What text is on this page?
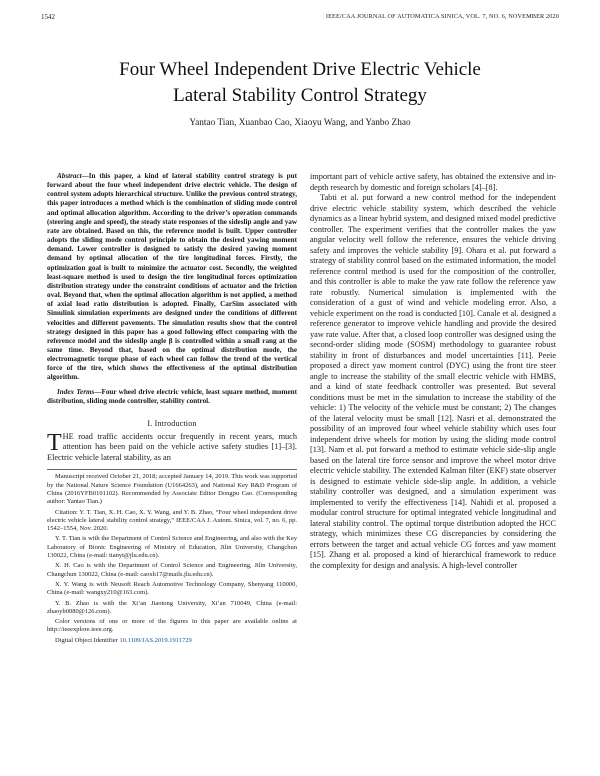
1542	IEEE/CAA JOURNAL OF AUTOMATICA SINICA, VOL. 7, NO. 6, NOVEMBER 2020
Four Wheel Independent Drive Electric Vehicle
Lateral Stability Control Strategy
Yantao Tian, Xuanbao Cao, Xiaoyu Wang, and Yanbo Zhao

Abstract—In this paper, a kind of lateral stability control strategy is put forward about the four wheel independent drive electric vehicle. The design of control system adopts hierarchical structure. Unlike the previous control strategy, this paper introduces a method which is the combination of sliding mode control and optimal allocation algorithm. According to the driver’s operation commands (steering angle and speed), the steady state responses of the sideslip angle and yaw rate are obtained. Based on this, the reference model is built. Upper controller adopts the sliding mode control principle to obtain the desired yawing moment demand. Lower controller is designed to satisfy the desired yawing moment demand by optimal allocation of the tire longitudinal forces. Firstly, the optimization goal is built to minimize the actuator cost. Secondly, the weighted least-square method is used to design the tire longitudinal forces optimization distribution strategy under the constraint conditions of actuator and the friction oval. Beyond that, when the optimal allocation algorithm is not applied, a method of axial load ratio distribution is adopted. Finally, CarSim associated with Simulink simulation experiments are designed under the conditions of different velocities and different pavements. The simulation results show that the control strategy designed in this paper has a good following effect comparing with the reference model and the sideslip angle β is controlled within a small rang at the same time. Beyond that, based on the optimal distribution mode, the electromagnetic torque phase of each wheel can follow the trend of the vertical force of the tire, which shows the effectiveness of the optimal distribution algorithm.

Index Terms—Four wheel drive electric vehicle, least square method, moment distribution, sliding mode controller, stability control.

I. Introduction

THE road traffic accidents occur frequently in recent years, much attention has been paid on the vehicle active safety studies [1]–[3]. Electric vehicle lateral stability, as an

Manuscript received October 21, 2018; accepted January 14, 2019. This work was supported by the National Nature Science Foundation (U1664263), and National Key R&D Program of China (2016YFB0101102). Recommended by Associate Editor Dongpu Cao. (Corresponding author: Yantao Tian.)

Citation: Y. T. Tian, X. H. Cao, X. Y. Wang, and Y. B. Zhao, “Four wheel independent drive electric vehicle lateral stability control strategy,” IEEE/CAA J. Autom. Sinica, vol. 7, no. 6, pp. 1542–1554, Nov. 2020.

Y. T. Tian is with the Department of Control Science and Engineering, and also with the Key Laboratory of Bionic Engineering of Ministry of Education, Jilin University, Changchun 130022, China (e-mail: tianyt@jlu.edu.cn).

X. H. Cao is with the Department of Control Science and Engineering, Jilin University, Changchun 130022, China (e-mail: caoxh17@mails.jlu.edu.cn).

X. Y. Wang is with Neusoft Reach Automotive Technology Company, Shenyang 110000, China (e-mail: wangxy210@163.com).

Y. B. Zhao is with the Xi’an Jiaotong University, Xi’an 710049, China (e-mail: zhaoyb0080@126.com).

Color versions of one or more of the figures in this paper are available online at http://ieeexplore.ieee.org.

Digital Object Identifier 10.1109/JAS.2019.1911729

important part of vehicle active safety, has obtained the extensive and in-depth research by domestic and foreign scholars [4]–[8].

Tabti et al. put forward a new control method for the independent drive electric vehicle stability system, which described the vehicle dynamics as a linear hybrid system, and designed mixed model predictive controller. The experiment verifies that the controller makes the yaw angular velocity well follow the reference, ensures the vehicle driving safety and improves the vehicle stability [9]. Ohara et al. put forward a strategy of stability control based on the estimated information, the model reference control method is used for the composition of the controller, and this controller is able to make the yaw rate follow the reference yaw rate robustly. Numerical simulation is implemented with the consideration of a gust of wind and vehicle modeling error. Also, a vehicle experiment on the road is conducted [10]. Canale et al. designed a reference generator to improve vehicle handling and provide the desired yaw rate value. After that, a closed loop controller was designed using the second-order sliding mode (SOSM) methodology to guarantee robust stability in front of disturbances and model uncertainties [11]. Peeie proposed a direct yaw moment control (DYC) using the front tire steer angle to increase the stability of the small electric vehicle with HMBS, and a kind of state feedback controller was presented. But several conditions must be met in the simulation to increase the stability of the vehicle: 1) The velocity of the vehicle must be constant; 2) The changes of the lateral velocity must be small [12]. Nasri et al. demonstrated the possibility of an improved four wheel vehicle stability which uses four independent drive wheels for motion by using the sliding mode control [13]. Nam et al. put forward a method to estimate vehicle side-slip angle based on the lateral tire force sensor and improve the wheel motor drive electric vehicle stability. The extended Kalman filter (EKF) state observer is designed to estimate vehicle side-slip angle. In addition, a vehicle stability controller was designed, and a simulation experiment was implemented to verify the effectiveness [14]. Nahidi et al. proposed a modular control structure for optimal integrated vehicle longitudinal and lateral stability control. The optimal torque distribution adopted the HCC strategy, which minimizes these CG discrepancies by considering the errors between the target and actual vehicle CG forces and yaw moment [15]. Zhang et al. proposed a kind of hierarchical framework to reduce the complexity for design and analysis. A high-level controller
